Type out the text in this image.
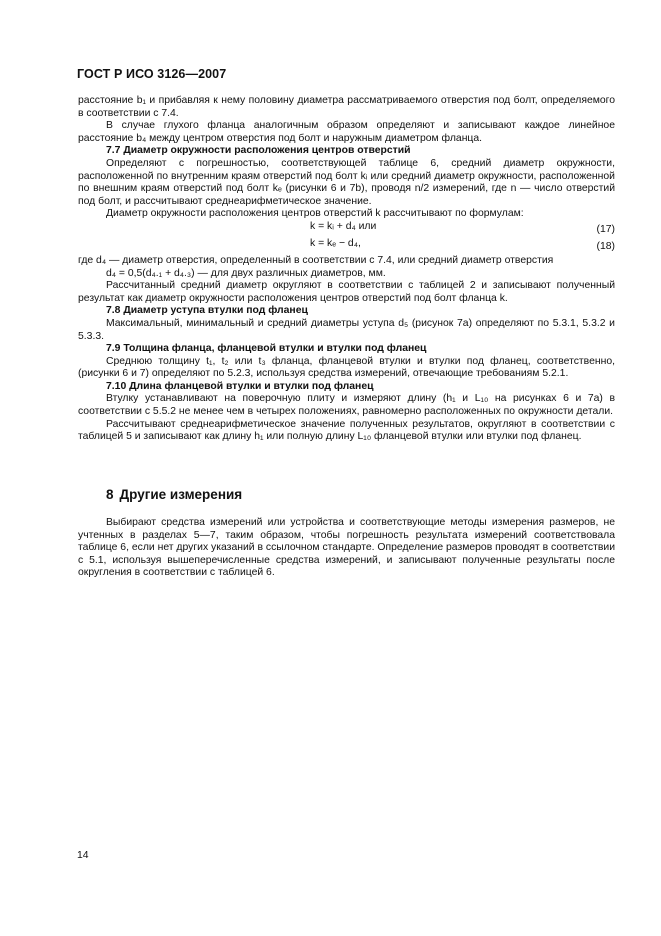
ГОСТ Р ИСО 3126—2007

расстояние b₁ и прибавляя к нему половину диаметра рассматриваемого отверстия под болт, определяемого в соответствии с 7.4.

В случае глухого фланца аналогичным образом определяют и записывают каждое линейное расстояние b₄ между центром отверстия под болт и наружным диаметром фланца.

7.7 Диаметр окружности расположения центров отверстий

Определяют с погрешностью, соответствующей таблице 6, средний диаметр окружности, расположенной по внутренним краям отверстий под болт kᵢ или средний диаметр окружности, расположенной по внешним краям отверстий под болт kₑ (рисунки 6 и 7b), проводя n/2 измерений, где n — число отверстий под болт, и рассчитывают среднеарифметическое значение.

Диаметр окружности расположения центров отверстий k рассчитывают по формулам:

k = kᵢ + d₄ или	(17)
k = kₑ − d₄,	(18)

где d₄ — диаметр отверстия, определенный в соответствии с 7.4, или средний диаметр отверстия

d₄ = 0,5(d₄.₁ + d₄.₃) — для двух различных диаметров, мм.

Рассчитанный средний диаметр округляют в соответствии с таблицей 2 и записывают полученный результат как диаметр окружности расположения центров отверстий под болт фланца k.

7.8 Диаметр уступа втулки под фланец

Максимальный, минимальный и средний диаметры уступа d₅ (рисунок 7a) определяют по 5.3.1, 5.3.2 и 5.3.3.

7.9 Толщина фланца, фланцевой втулки и втулки под фланец

Среднюю толщину t₁, t₂ или t₃ фланца, фланцевой втулки и втулки под фланец, соответственно, (рисунки 6 и 7) определяют по 5.2.3, используя средства измерений, отвечающие требованиям 5.2.1.

7.10 Длина фланцевой втулки и втулки под фланец

Втулку устанавливают на поверочную плиту и измеряют длину (h₁ и L₁₀ на рисунках 6 и 7a) в соответствии с 5.5.2 не менее чем в четырех положениях, равномерно расположенных по окружности детали.

Рассчитывают среднеарифметическое значение полученных результатов, округляют в соответствии с таблицей 5 и записывают как длину h₁ или полную длину L₁₀ фланцевой втулки или втулки под фланец.

8 Другие измерения

Выбирают средства измерений или устройства и соответствующие методы измерения размеров, не учтенных в разделах 5—7, таким образом, чтобы погрешность результата измерений соответствовала таблице 6, если нет других указаний в ссылочном стандарте. Определение размеров проводят в соответствии с 5.1, используя вышеперечисленные средства измерений, и записывают полученные результаты после округления в соответствии с таблицей 6.

14
